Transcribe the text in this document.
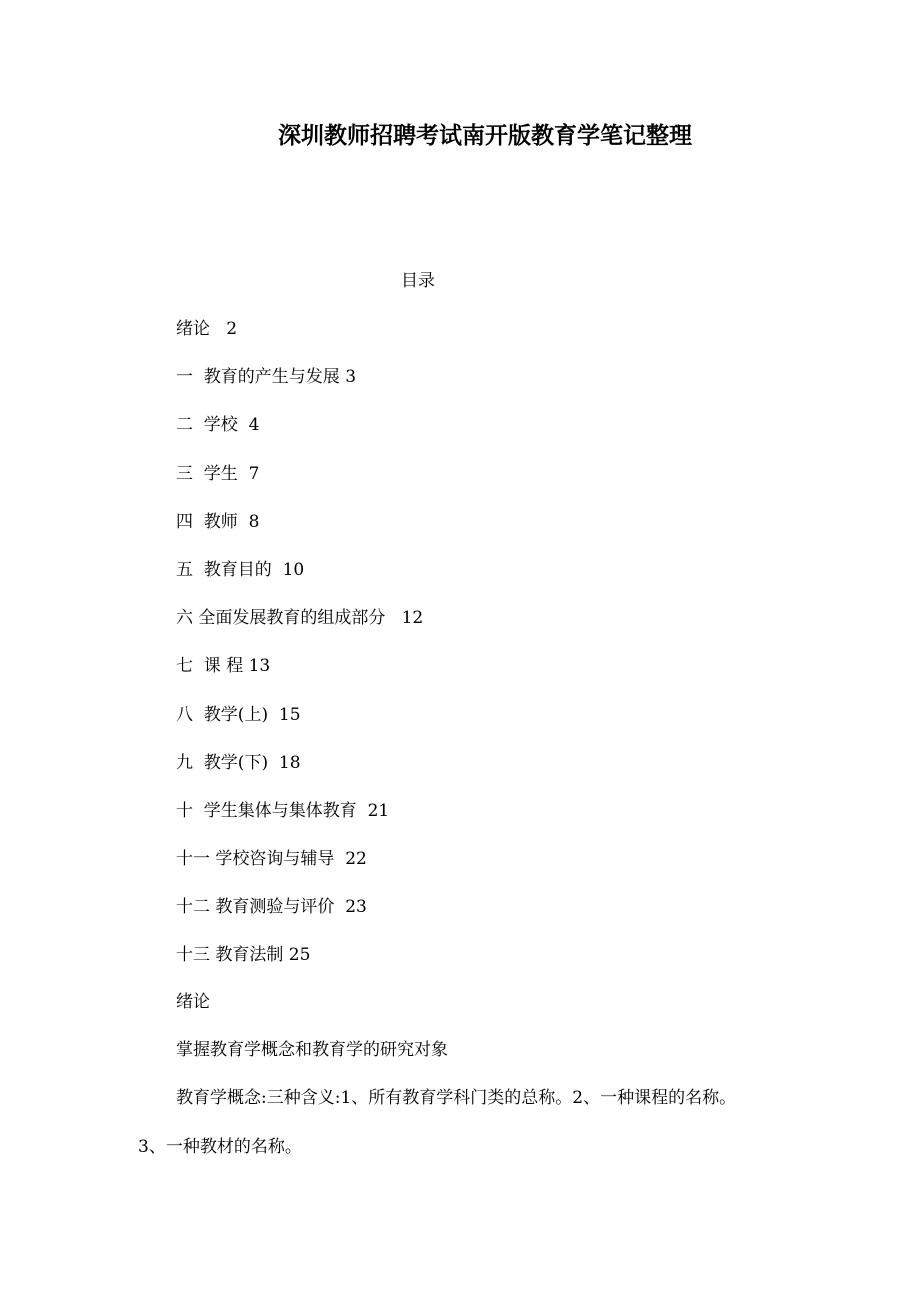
深圳教师招聘考试南开版教育学笔记整理
目录
绪论   2
一  教育的产生与发展 3
二  学校  4
三  学生  7
四  教师  8
五  教育目的  10
六 全面发展教育的组成部分   12
七  课 程 13
八  教学(上)  15
九  教学(下)  18
十  学生集体与集体教育  21
十一 学校咨询与辅导  22
十二 教育测验与评价  23
十三 教育法制 25
绪论
掌握教育学概念和教育学的研究对象
教育学概念:三种含义:1、所有教育学科门类的总称。2、一种课程的名称。
3、一种教材的名称。
